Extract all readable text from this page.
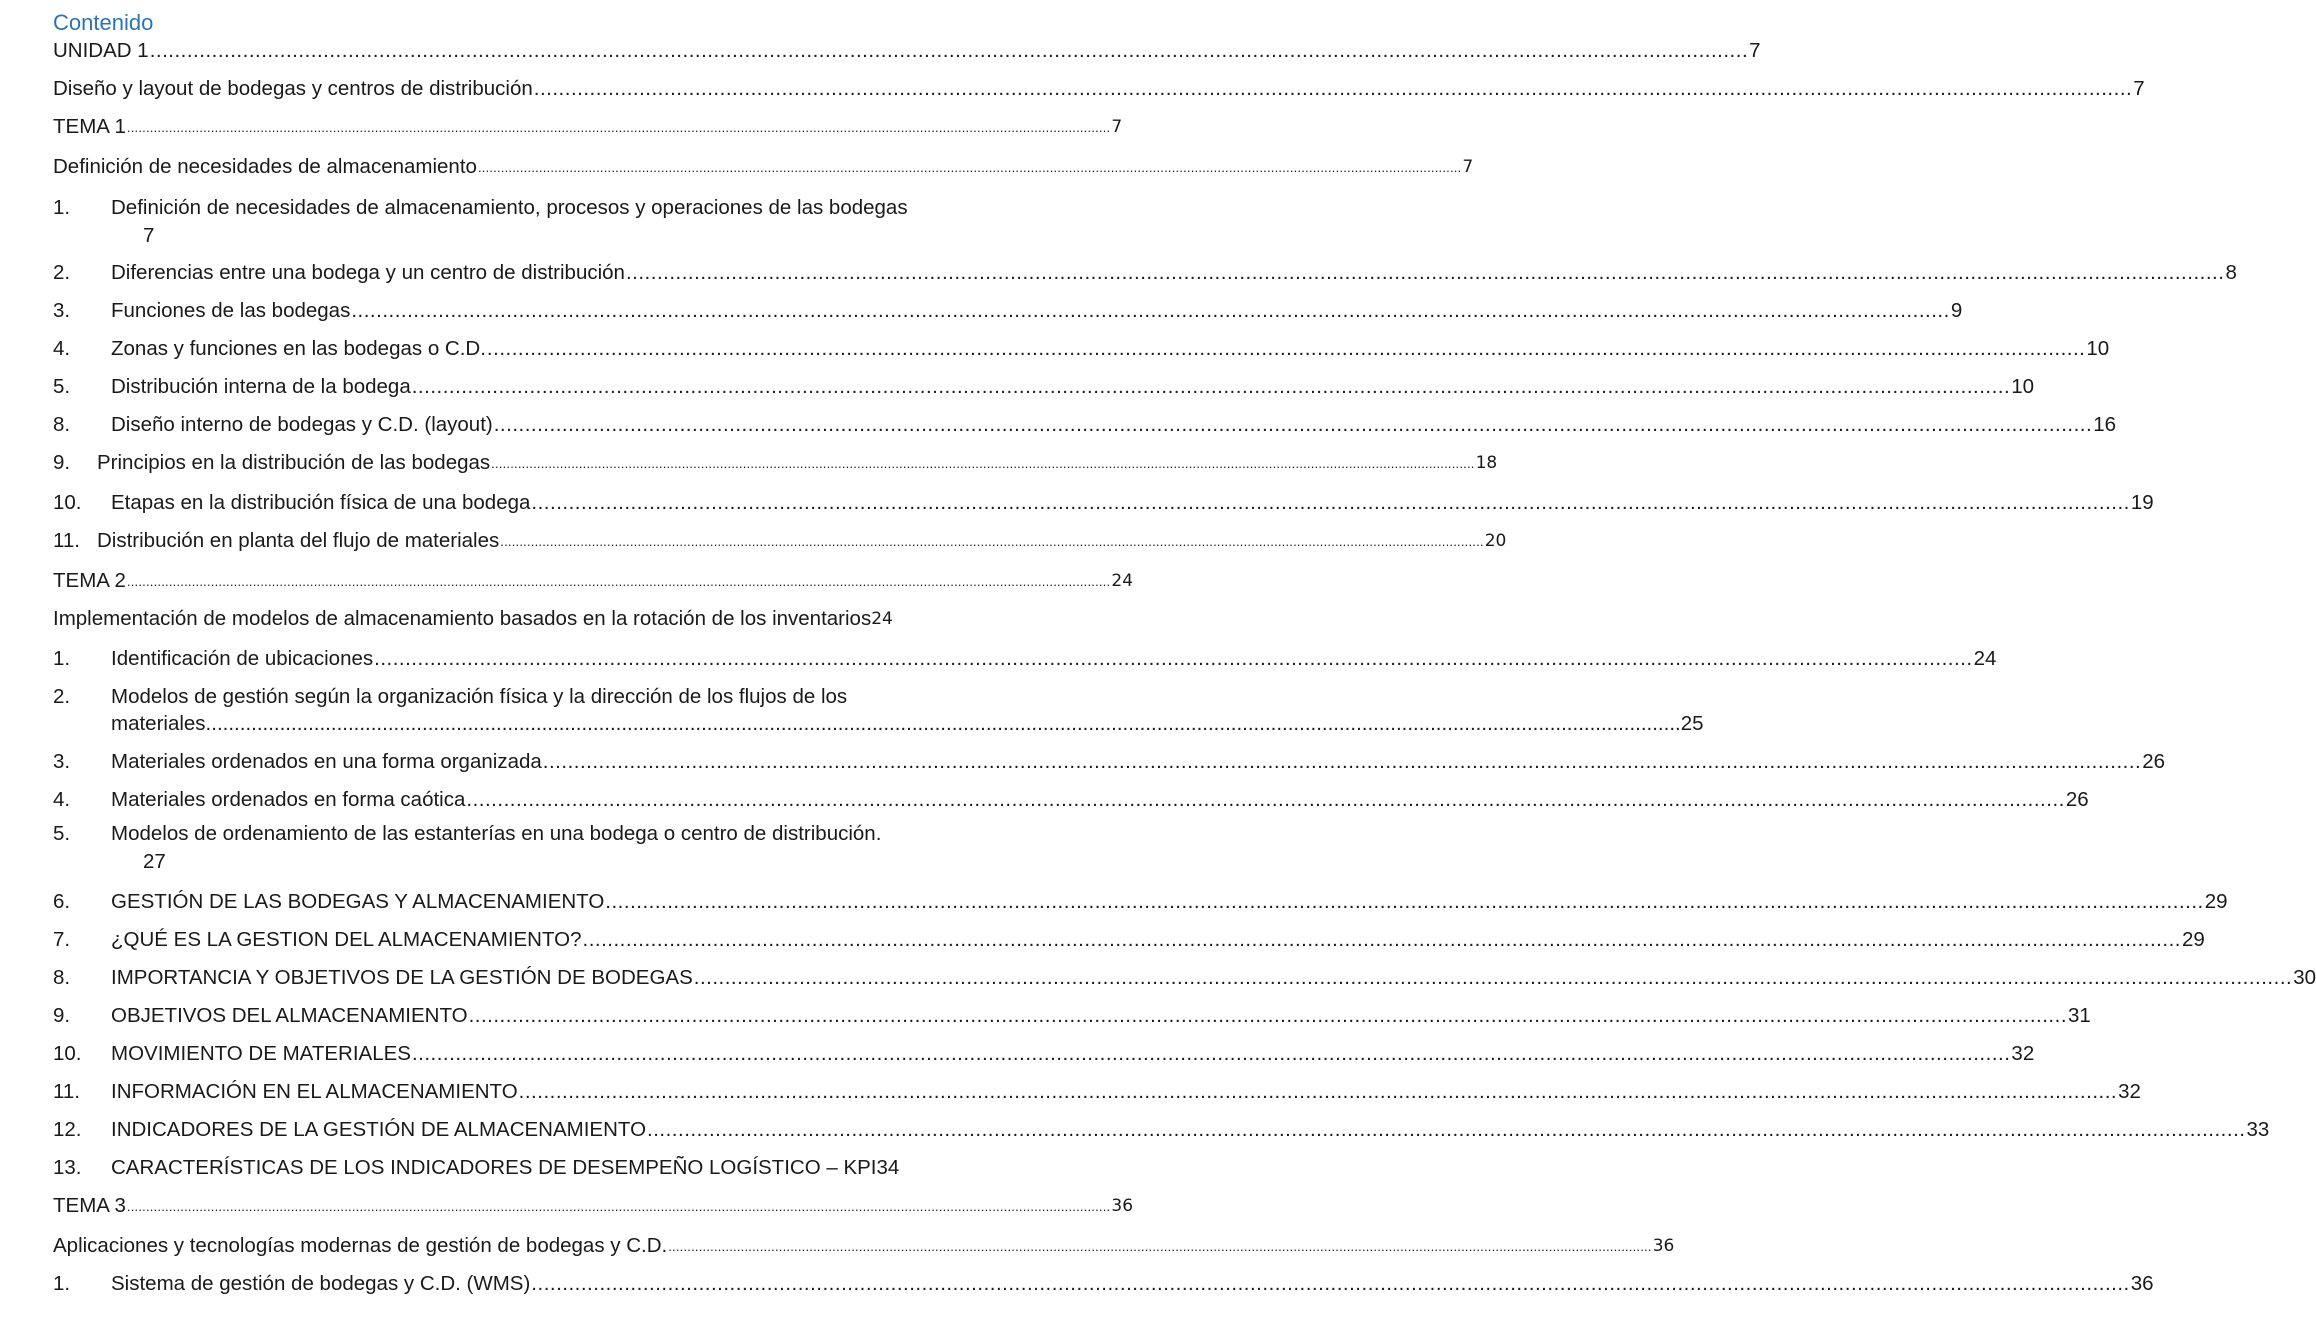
Contenido
UNIDAD 1 .................................................................................................................................................................................................................................................................. 7
Diseño y layout de bodegas y centros de distribución .................................................................................................................................................................................................................................................................. 7
TEMA 1 .................................................................................................................................................................................................................................................................. 7
Definición de necesidades de almacenamiento .................................................................................................................................................................................................................................................................. 7
1. Definición de necesidades de almacenamiento, procesos y operaciones de las bodegas
7
2.	Diferencias entre una bodega y un centro de distribución .................................................................................................................................................................................................................................................................. 8
3.	Funciones de las bodegas .................................................................................................................................................................................................................................................................. 9
4.	Zonas y funciones en las bodegas o C.D. .................................................................................................................................................................................................................................................................. 10
5.	Distribución interna de la bodega .................................................................................................................................................................................................................................................................. 10
8.	Diseño interno de bodegas y C.D. (layout) .................................................................................................................................................................................................................................................................. 16
9.	Principios en la distribución de las bodegas .................................................................................................................................................................................................................................................................. 18
10.	Etapas en la distribución física de una bodega .................................................................................................................................................................................................................................................................. 19
11. Distribución en planta del flujo de materiales .................................................................................................................................................................................................................................................................. 20
TEMA 2 .................................................................................................................................................................................................................................................................. 24
Implementación de modelos de almacenamiento basados en la rotación de los inventarios 24
1.	Identificación de ubicaciones .................................................................................................................................................................................................................................................................. 24
2.	Modelos de gestión según la organización física y la dirección de los flujos de los
materiales. .................................................................................................................................................................................................................................................................. 25
3.	Materiales ordenados en una forma organizada .................................................................................................................................................................................................................................................................. 26
4.	Materiales ordenados en forma caótica .................................................................................................................................................................................................................................................................. 26
5. Modelos de ordenamiento de las estanterías en una bodega o centro de distribución.
27
6.	GESTIÓN DE LAS BODEGAS Y ALMACENAMIENTO .................................................................................................................................................................................................................................................................. 29
7.	¿QUÉ ES LA GESTION DEL ALMACENAMIENTO? .................................................................................................................................................................................................................................................................. 29
8.	IMPORTANCIA Y OBJETIVOS DE LA GESTIÓN DE BODEGAS .................................................................................................................................................................................................................................................................. 30
9.	OBJETIVOS DEL ALMACENAMIENTO .................................................................................................................................................................................................................................................................. 31
10.	MOVIMIENTO DE MATERIALES .................................................................................................................................................................................................................................................................. 32
11.	INFORMACIÓN EN EL ALMACENAMIENTO .................................................................................................................................................................................................................................................................. 32
12.	INDICADORES DE LA GESTIÓN DE ALMACENAMIENTO .................................................................................................................................................................................................................................................................. 33
13.	CARACTERÍSTICAS DE LOS INDICADORES DE DESEMPEÑO LOGÍSTICO – KPI 34
TEMA 3 .................................................................................................................................................................................................................................................................. 36
Aplicaciones y tecnologías modernas de gestión de bodegas y C.D. .................................................................................................................................................................................................................................................................. 36
1.	Sistema de gestión de bodegas y C.D. (WMS) .................................................................................................................................................................................................................................................................. 36
